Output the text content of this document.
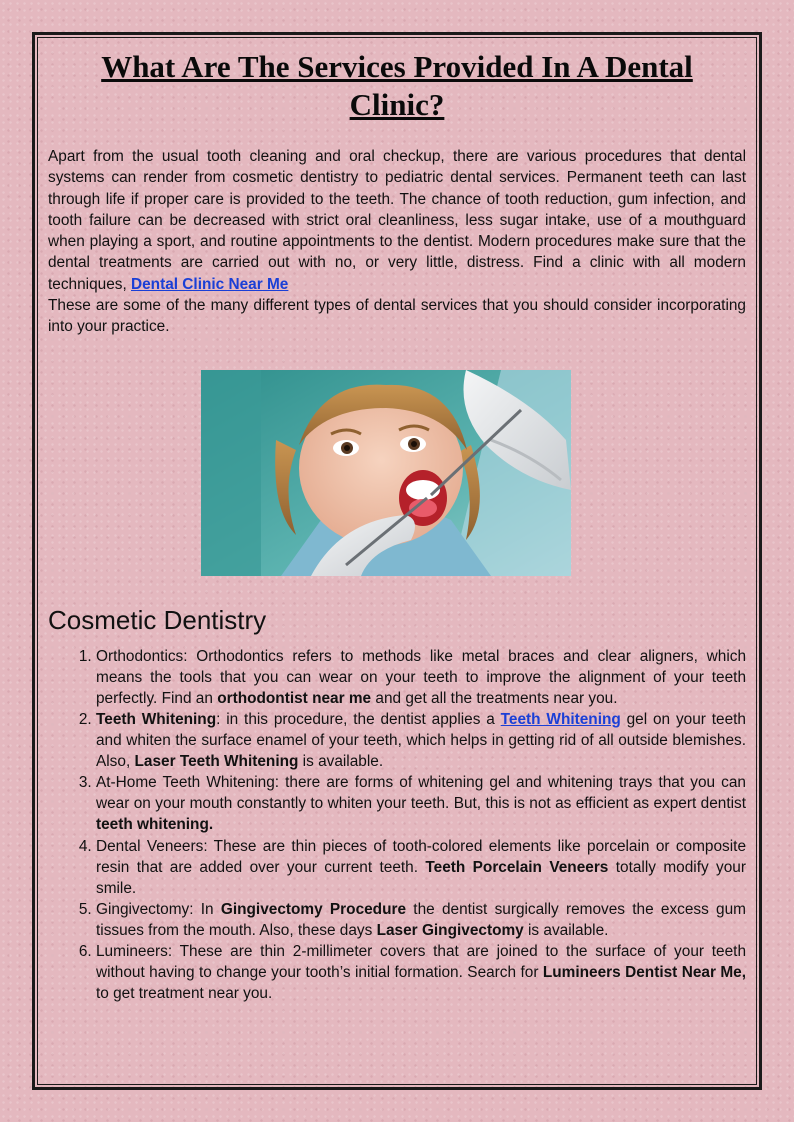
What Are The Services Provided In A Dental Clinic?

Apart from the usual tooth cleaning and oral checkup, there are various procedures that dental systems can render from cosmetic dentistry to pediatric dental services. Permanent teeth can last through life if proper care is provided to the teeth. The chance of tooth reduction, gum infection, and tooth failure can be decreased with strict oral cleanliness, less sugar intake, use of a mouthguard when playing a sport, and routine appointments to the dentist. Modern procedures make sure that the dental treatments are carried out with no, or very little, distress. Find a clinic with all modern techniques, Dental Clinic Near Me

These are some of the many different types of dental services that you should consider incorporating into your practice.

Cosmetic Dentistry
1. Orthodontics: Orthodontics refers to methods like metal braces and clear aligners, which means the tools that you can wear on your teeth to improve the alignment of your teeth perfectly. Find an orthodontist near me and get all the treatments near you.
2. Teeth Whitening: in this procedure, the dentist applies a Teeth Whitening gel on your teeth and whiten the surface enamel of your teeth, which helps in getting rid of all outside blemishes. Also, Laser Teeth Whitening is available.
3. At-Home Teeth Whitening: there are forms of whitening gel and whitening trays that you can wear on your mouth constantly to whiten your teeth. But, this is not as efficient as expert dentist teeth whitening.
4. Dental Veneers: These are thin pieces of tooth-colored elements like porcelain or composite resin that are added over your current teeth. Teeth Porcelain Veneers totally modify your smile.
5. Gingivectomy: In Gingivectomy Procedure the dentist surgically removes the excess gum tissues from the mouth. Also, these days Laser Gingivectomy is available.
6. Lumineers: These are thin 2-millimeter covers that are joined to the surface of your teeth without having to change your tooth’s initial formation. Search for Lumineers Dentist Near Me, to get treatment near you.
